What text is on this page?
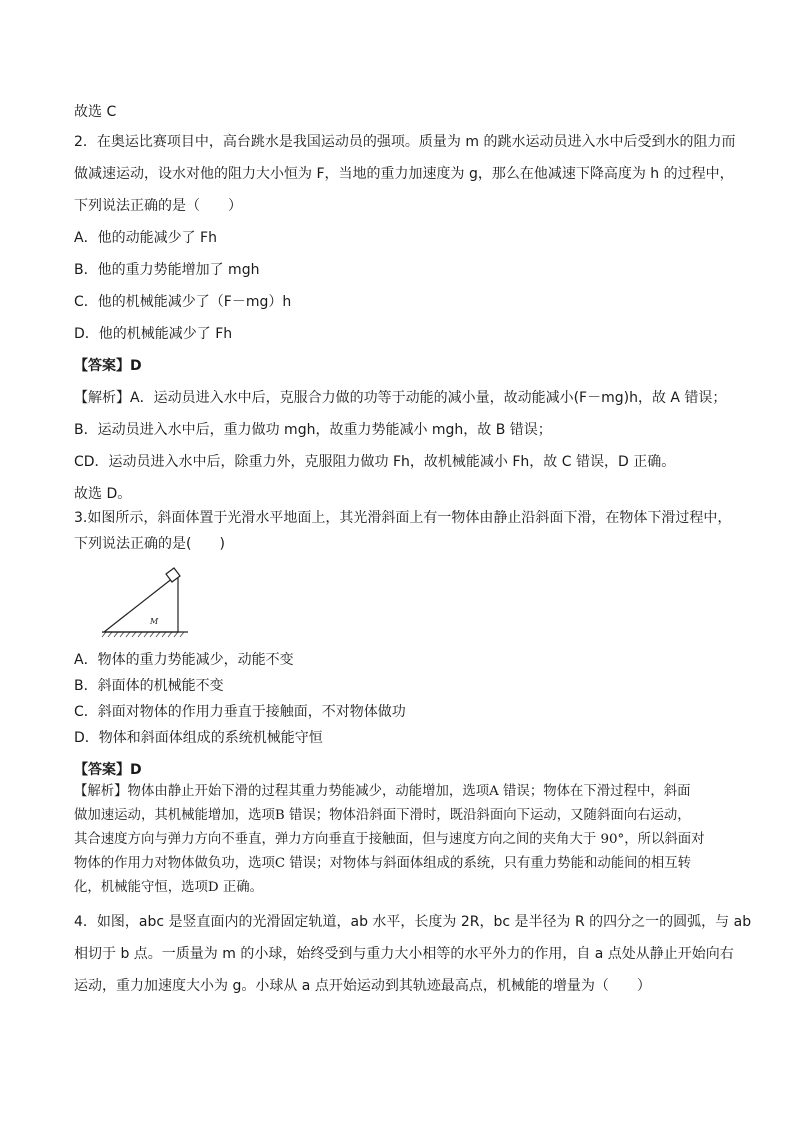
故选 C
2．在奥运比赛项目中，高台跳水是我国运动员的强项。质量为 m 的跳水运动员进入水中后受到水的阻力而
做减速运动，设水对他的阻力大小恒为 F，当地的重力加速度为 g，那么在他减速下降高度为 h 的过程中，
下列说法正确的是（　　）
A．他的动能减少了 Fh
B．他的重力势能增加了 mgh
C．他的机械能减少了（F－mg）h
D．他的机械能减少了 Fh
【答案】D
【解析】A．运动员进入水中后，克服合力做的功等于动能的减小量，故动能减小(F－mg)h，故 A 错误；
B．运动员进入水中后，重力做功 mgh，故重力势能减小 mgh，故 B 错误；
CD．运动员进入水中后，除重力外，克服阻力做功 Fh，故机械能减小 Fh，故 C 错误，D 正确。
故选 D。
3.如图所示，斜面体置于光滑水平地面上，其光滑斜面上有一物体由静止沿斜面下滑，在物体下滑过程中，
下列说法正确的是(　　)
M
A．物体的重力势能减少，动能不变
B．斜面体的机械能不变
C．斜面对物体的作用力垂直于接触面，不对物体做功
D．物体和斜面体组成的系统机械能守恒
【答案】D
【解析】物体由静止开始下滑的过程其重力势能减少，动能增加，选项A 错误；物体在下滑过程中，斜面
做加速运动，其机械能增加，选项B 错误；物体沿斜面下滑时，既沿斜面向下运动，又随斜面向右运动，
其合速度方向与弹力方向不垂直，弹力方向垂直于接触面，但与速度方向之间的夹角大于 90°，所以斜面对
物体的作用力对物体做负功，选项C 错误；对物体与斜面体组成的系统，只有重力势能和动能间的相互转
化，机械能守恒，选项D 正确。
4．如图，abc 是竖直面内的光滑固定轨道，ab 水平，长度为 2R，bc 是半径为 R 的四分之一的圆弧，与 ab
相切于 b 点。一质量为 m 的小球，始终受到与重力大小相等的水平外力的作用，自 a 点处从静止开始向右
运动，重力加速度大小为 g。小球从 a 点开始运动到其轨迹最高点，机械能的增量为（　　）
